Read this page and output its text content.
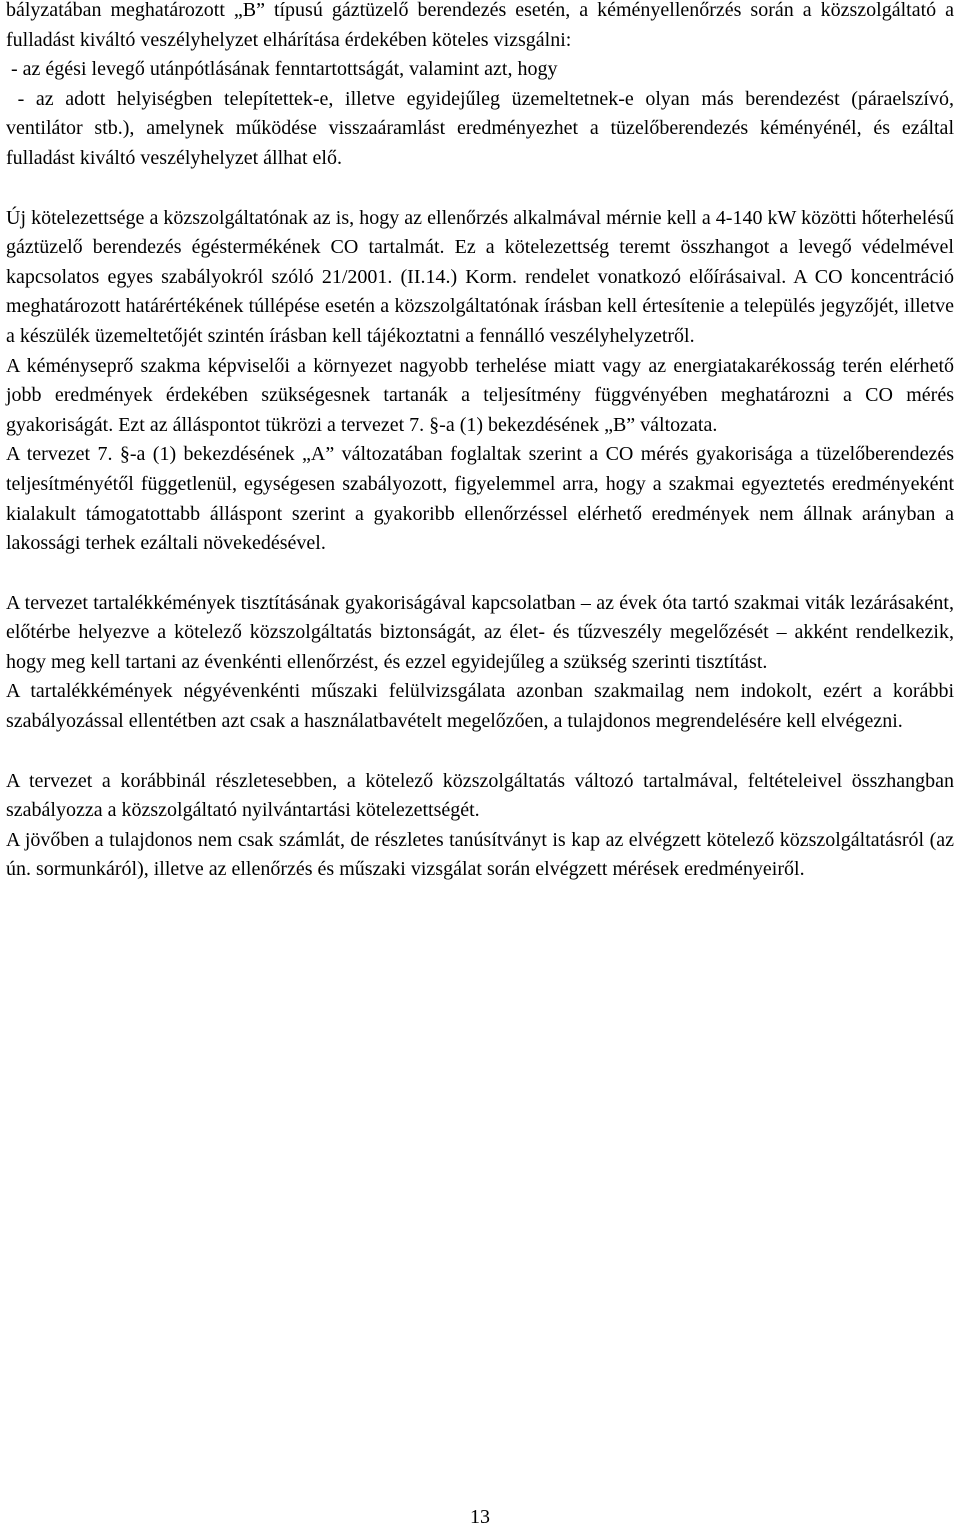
bályzatában meghatározott „B” típusú gáztüzelő berendezés esetén, a kéményellenőrzés során a közszolgáltató a fulladást kiváltó veszélyhelyzet elhárítása érdekében köteles vizsgálni:

- az égési levegő utánpótlásának fenntartottságát, valamint azt, hogy

- az adott helyiségben telepítettek-e, illetve egyidejűleg üzemeltetnek-e olyan más berendezést (páraelszívó, ventilátor stb.), amelynek működése visszaáramlást eredményezhet a tüzelőberendezés kéményénél, és ezáltal fulladást kiváltó veszélyhelyzet állhat elő.

Új kötelezettsége a közszolgáltatónak az is, hogy az ellenőrzés alkalmával mérnie kell a 4-140 kW közötti hőterhelésű gáztüzelő berendezés égéstermékének CO tartalmát. Ez a kötelezettség teremt összhangot a levegő védelmével kapcsolatos egyes szabályokról szóló 21/2001. (II.14.) Korm. rendelet vonatkozó előírásaival. A CO koncentráció meghatározott határértékének túllépése esetén a közszolgáltatónak írásban kell értesítenie a település jegyzőjét, illetve a készülék üzemeltetőjét szintén írásban kell tájékoztatni a fennálló veszélyhelyzetről.

A kéményseprő szakma képviselői a környezet nagyobb terhelése miatt vagy az energiatakarékosság terén elérhető jobb eredmények érdekében szükségesnek tartanák a teljesítmény függvényében meghatározni a CO mérés gyakoriságát. Ezt az álláspontot tükrözi a tervezet 7. §-a (1) bekezdésének „B” változata.

A tervezet 7. §-a (1) bekezdésének „A” változatában foglaltak szerint a CO mérés gyakorisága a tüzelőberendezés teljesítményétől függetlenül, egységesen szabályozott, figyelemmel arra, hogy a szakmai egyeztetés eredményeként kialakult támogatottabb álláspont szerint a gyakoribb ellenőrzéssel elérhető eredmények nem állnak arányban a lakossági terhek ezáltali növekedésével.

A tervezet tartalékkémények tisztításának gyakoriságával kapcsolatban – az évek óta tartó szakmai viták lezárásaként, előtérbe helyezve a kötelező közszolgáltatás biztonságát, az élet- és tűzveszély megelőzését – akként rendelkezik, hogy meg kell tartani az évenkénti ellenőrzést, és ezzel egyidejűleg a szükség szerinti tisztítást.

A tartalékkémények négyévenkénti műszaki felülvizsgálata azonban szakmailag nem indokolt, ezért a korábbi szabályozással ellentétben azt csak a használatbavételt megelőzően, a tulajdonos megrendelésére kell elvégezni.

A tervezet a korábbinál részletesebben, a kötelező közszolgáltatás változó tartalmával, feltételeivel összhangban szabályozza a közszolgáltató nyilvántartási kötelezettségét.

A jövőben a tulajdonos nem csak számlát, de részletes tanúsítványt is kap az elvégzett kötelező közszolgáltatásról (az ún. sormunkáról), illetve az ellenőrzés és műszaki vizsgálat során elvégzett mérések eredményeiről.

13
